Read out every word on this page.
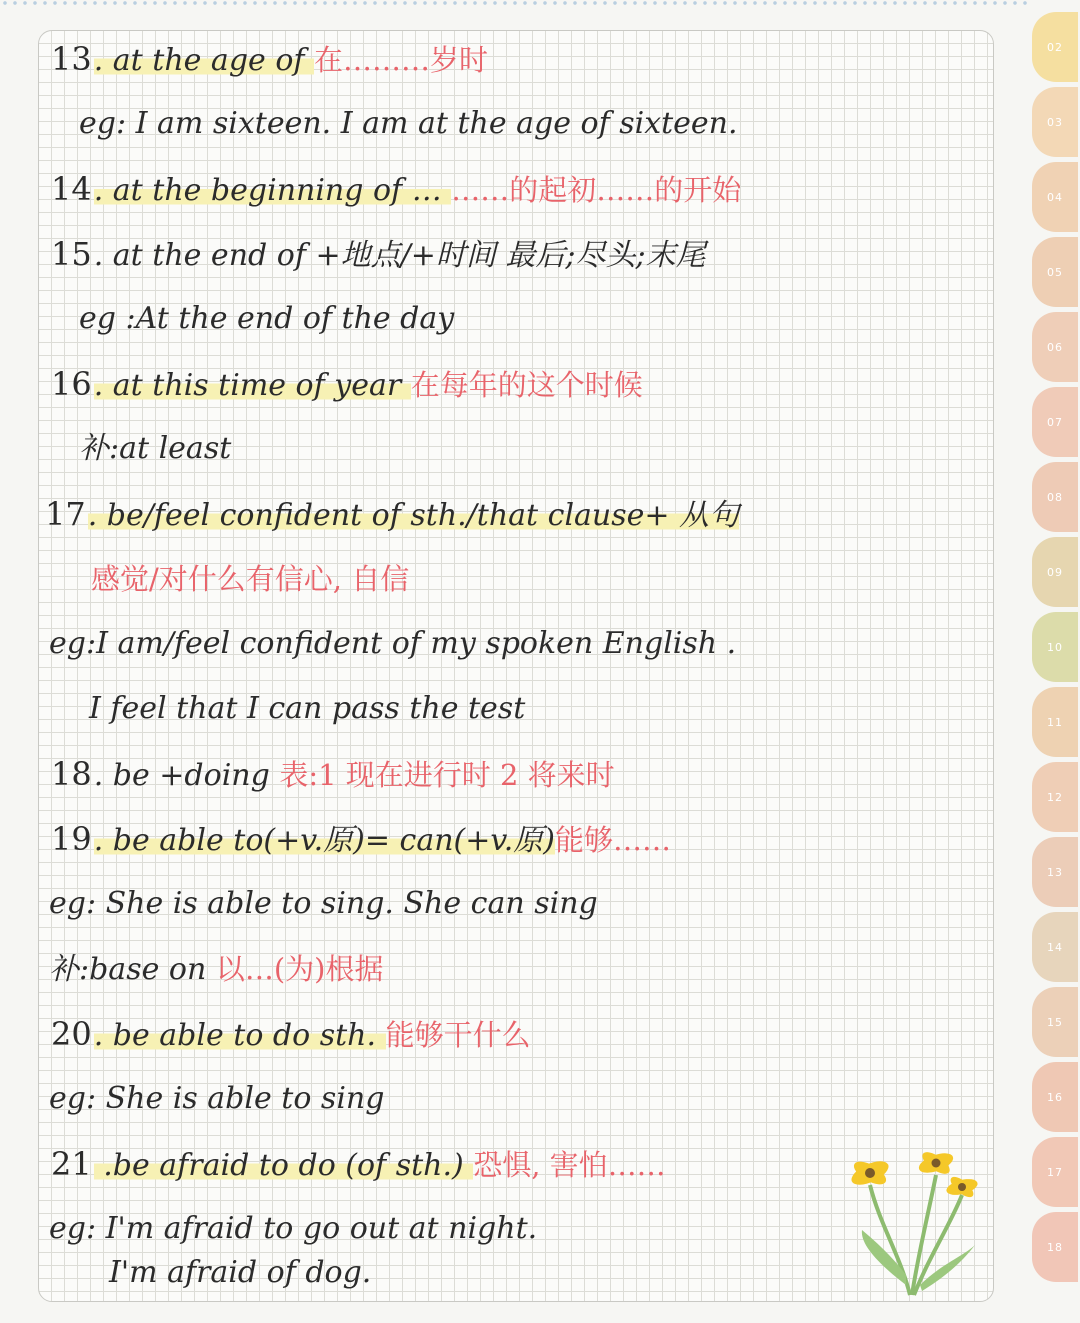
13. at the age of 在………岁时
eg: I am sixteen. I am at the age of sixteen.
14. at the beginning of … ……的起初……的开始
15. at the end of +地点/+时间 最后;尽头;末尾
eg :At the end of the day
16. at this time of year 在每年的这个时候
补:at least
17. be/feel confident of sth./that clause+ 从句
感觉/对什么有信心, 自信
eg:I am/feel confident of my spoken English .
I feel that I can pass the test
18. be +doing 表:1 现在进行时 2 将来时
19. be able to(+v.原)= can(+v.原)能够……
eg: She is able to sing. She can sing
补:base on 以…(为)根据
20. be able to do sth. 能够干什么
eg: She is able to sing
21 .be afraid to do (of sth.) 恐惧, 害怕……
eg: I'm afraid to go out at night.
I'm afraid of dog.
02
03
04
05
06
07
08
09
10
11
12
13
14
15
16
17
18
